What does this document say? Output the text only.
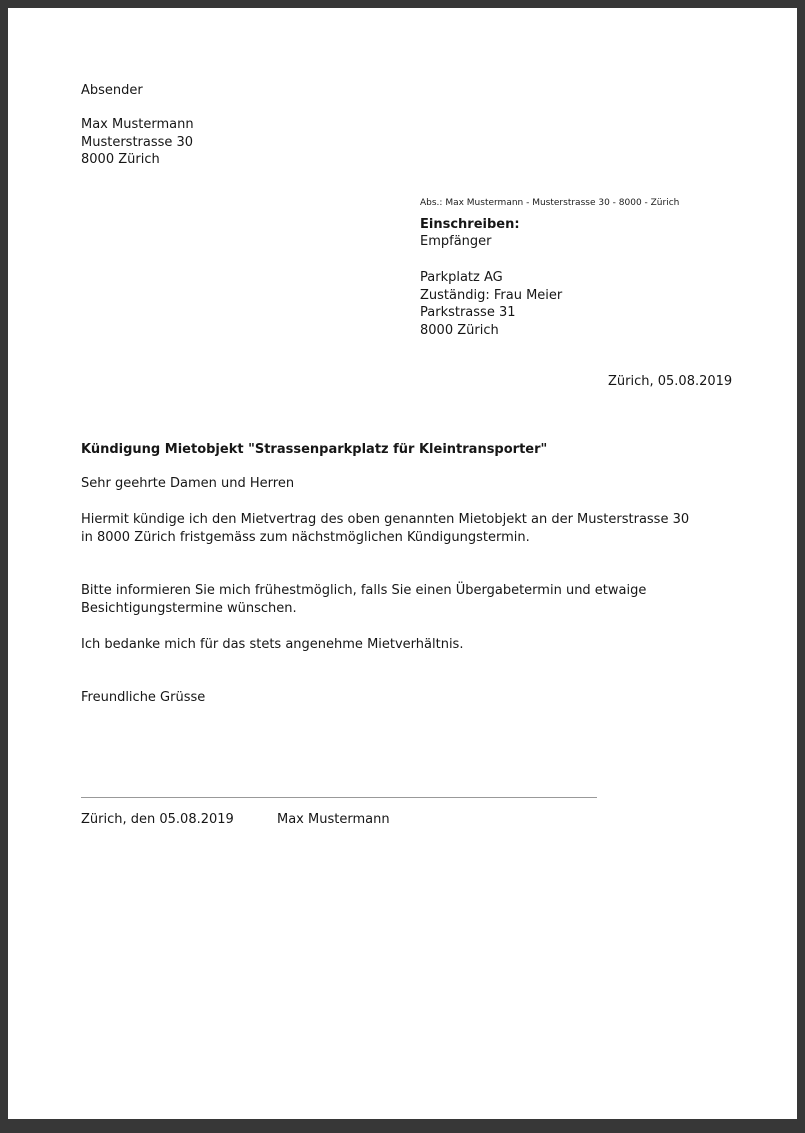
Absender
Max Mustermann
Musterstrasse 30
8000 Zürich
Abs.: Max Mustermann - Musterstrasse 30 - 8000 - Zürich
Einschreiben:
Empfänger
Parkplatz AG
Zuständig: Frau Meier
Parkstrasse 31
8000 Zürich
Zürich, 05.08.2019
Kündigung Mietobjekt "Strassenparkplatz für Kleintransporter"
Sehr geehrte Damen und Herren
Hiermit kündige ich den Mietvertrag des oben genannten Mietobjekt an der Musterstrasse 30 in 8000 Zürich fristgemäss zum nächstmöglichen Kündigungstermin.
Bitte informieren Sie mich frühestmöglich, falls Sie einen Übergabetermin und etwaige Besichtigungstermine wünschen.
Ich bedanke mich für das stets angenehme Mietverhältnis.
Freundliche Grüsse
Zürich, den 05.08.2019	Max Mustermann
